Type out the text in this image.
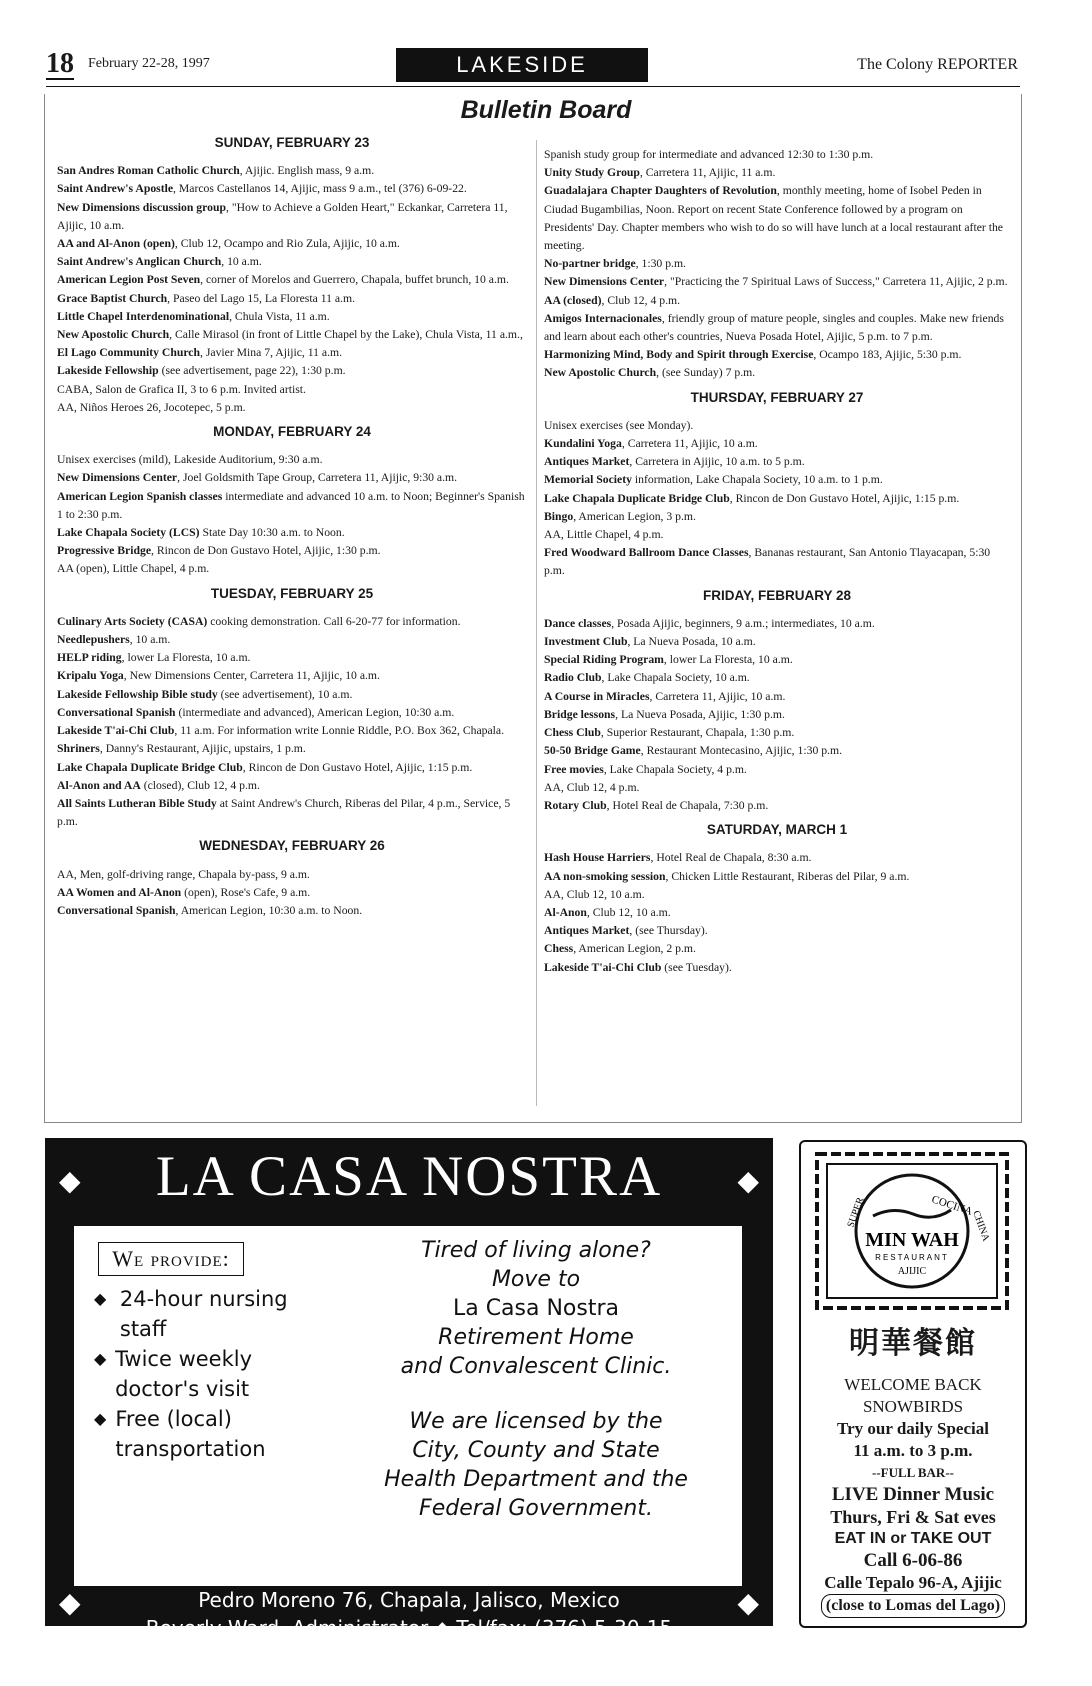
18 February 22-28, 1997	LAKESIDE	The Colony REPORTER
Bulletin Board
SUNDAY, FEBRUARY 23
San Andres Roman Catholic Church, Ajijic. English mass, 9 a.m.
Saint Andrew's Apostle, Marcos Castellanos 14, Ajijic, mass 9 a.m., tel (376) 6-09-22.
New Dimensions discussion group, "How to Achieve a Golden Heart," Eckankar, Carretera 11, Ajijic, 10 a.m.
AA and Al-Anon (open), Club 12, Ocampo and Rio Zula, Ajijic, 10 a.m.
Saint Andrew's Anglican Church, 10 a.m.
American Legion Post Seven, corner of Morelos and Guerrero, Chapala, buffet brunch, 10 a.m.
Grace Baptist Church, Paseo del Lago 15, La Floresta 11 a.m.
Little Chapel Interdenominational, Chula Vista, 11 a.m.
New Apostolic Church, Calle Mirasol (in front of Little Chapel by the Lake), Chula Vista, 11 a.m.,
El Lago Community Church, Javier Mina 7, Ajijic, 11 a.m.
Lakeside Fellowship (see advertisement, page 22), 1:30 p.m.
CABA, Salon de Grafica II, 3 to 6 p.m. Invited artist.
AA, Niños Heroes 26, Jocotepec, 5 p.m.
MONDAY, FEBRUARY 24
Unisex exercises (mild), Lakeside Auditorium, 9:30 a.m.
New Dimensions Center, Joel Goldsmith Tape Group, Carretera 11, Ajijic, 9:30 a.m.
American Legion Spanish classes intermediate and advanced 10 a.m. to Noon; Beginner's Spanish 1 to 2:30 p.m.
Lake Chapala Society (LCS) State Day 10:30 a.m. to Noon.
Progressive Bridge, Rincon de Don Gustavo Hotel, Ajijic, 1:30 p.m.
AA (open), Little Chapel, 4 p.m.
TUESDAY, FEBRUARY 25
Culinary Arts Society (CASA) cooking demonstration. Call 6-20-77 for information.
Needlepushers, 10 a.m.
HELP riding, lower La Floresta, 10 a.m.
Kripalu Yoga, New Dimensions Center, Carretera 11, Ajijic, 10 a.m.
Lakeside Fellowship Bible study (see advertisement), 10 a.m.
Conversational Spanish (intermediate and advanced), American Legion, 10:30 a.m.
Lakeside T'ai-Chi Club, 11 a.m. For information write Lonnie Riddle, P.O. Box 362, Chapala.
Shriners, Danny's Restaurant, Ajijic, upstairs, 1 p.m.
Lake Chapala Duplicate Bridge Club, Rincon de Don Gustavo Hotel, Ajijic, 1:15 p.m.
Al-Anon and AA (closed), Club 12, 4 p.m.
All Saints Lutheran Bible Study at Saint Andrew's Church, Riberas del Pilar, 4 p.m., Service, 5 p.m.
WEDNESDAY, FEBRUARY 26
AA, Men, golf-driving range, Chapala by-pass, 9 a.m.
AA Women and Al-Anon (open), Rose's Cafe, 9 a.m.
Conversational Spanish, American Legion, 10:30 a.m. to Noon.
Spanish study group for intermediate and advanced 12:30 to 1:30 p.m.
Unity Study Group, Carretera 11, Ajijic, 11 a.m.
Guadalajara Chapter Daughters of Revolution, monthly meeting, home of Isobel Peden in Ciudad Bugambilias, Noon. Report on recent State Conference followed by a program on Presidents' Day. Chapter members who wish to do so will have lunch at a local restaurant after the meeting.
No-partner bridge, 1:30 p.m.
New Dimensions Center, "Practicing the 7 Spiritual Laws of Success," Carretera 11, Ajijic, 2 p.m.
AA (closed), Club 12, 4 p.m.
Amigos Internacionales, friendly group of mature people, singles and couples. Make new friends and learn about each other's countries, Nueva Posada Hotel, Ajijic, 5 p.m. to 7 p.m.
Harmonizing Mind, Body and Spirit through Exercise, Ocampo 183, Ajijic, 5:30 p.m.
New Apostolic Church, (see Sunday) 7 p.m.
THURSDAY, FEBRUARY 27
Unisex exercises (see Monday).
Kundalini Yoga, Carretera 11, Ajijic, 10 a.m.
Antiques Market, Carretera in Ajijic, 10 a.m. to 5 p.m.
Memorial Society information, Lake Chapala Society, 10 a.m. to 1 p.m.
Lake Chapala Duplicate Bridge Club, Rincon de Don Gustavo Hotel, Ajijic, 1:15 p.m.
Bingo, American Legion, 3 p.m.
AA, Little Chapel, 4 p.m.
Fred Woodward Ballroom Dance Classes, Bananas restaurant, San Antonio Tlayacapan, 5:30 p.m.
FRIDAY, FEBRUARY 28
Dance classes, Posada Ajijic, beginners, 9 a.m.; intermediates, 10 a.m.
Investment Club, La Nueva Posada, 10 a.m.
Special Riding Program, lower La Floresta, 10 a.m.
Radio Club, Lake Chapala Society, 10 a.m.
A Course in Miracles, Carretera 11, Ajijic, 10 a.m.
Bridge lessons, La Nueva Posada, Ajijic, 1:30 p.m.
Chess Club, Superior Restaurant, Chapala, 1:30 p.m.
50-50 Bridge Game, Restaurant Montecasino, Ajijic, 1:30 p.m.
Free movies, Lake Chapala Society, 4 p.m.
AA, Club 12, 4 p.m.
Rotary Club, Hotel Real de Chapala, 7:30 p.m.
SATURDAY, MARCH 1
Hash House Harriers, Hotel Real de Chapala, 8:30 a.m.
AA non-smoking session, Chicken Little Restaurant, Riberas del Pilar, 9 a.m.
AA, Club 12, 10 a.m.
Al-Anon, Club 12, 10 a.m.
Antiques Market, (see Thursday).
Chess, American Legion, 2 p.m.
Lakeside T'ai-Chi Club (see Tuesday).
◆	LA CASA NOSTRA	◆
We provide:
◆ 24-hour nursing staff
◆ Twice weekly doctor's visit
◆ Free (local) transportation
Tired of living alone?
Move to
La Casa Nostra
Retirement Home
and Convalescent Clinic.
We are licensed by the
City, County and State
Health Department and the
Federal Government.
◆	Pedro Moreno 76, Chapala, Jalisco, Mexico
Beverly Ward, Administrator ◆ Tel/fax: (376) 5-30-15
◆
COCINA
SUPER	CHINA
MIN WAH
RESTAURANT
AJIJIC
明華餐館
WELCOME BACK
SNOWBIRDS
Try our daily Special
11 a.m. to 3 p.m.
--FULL BAR--
LIVE Dinner Music
Thurs, Fri & Sat eves
EAT IN or TAKE OUT
Call 6-06-86
Calle Tepalo 96-A, Ajijic
(close to Lomas del Lago)
